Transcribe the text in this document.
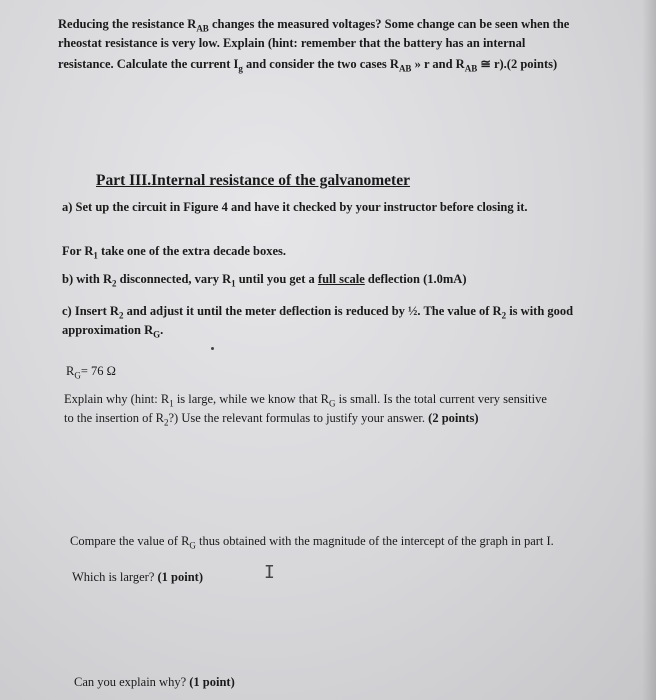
Reducing the resistance $R_{AB}$ changes the measured voltages? Some change can be seen when the
rheostat resistance is very low. Explain (hint: remember that the battery has an internal
resistance. Calculate the current $I_g$ and consider the two cases $R_{AB}$ » r and $R_{AB}$ ≅ r).(2 points)
Part III.Internal resistance of the galvanometer
a) Set up the circuit in Figure 4 and have it checked by your instructor before closing it.
For $R_1$ take one of the extra decade boxes.
b) with $R_2$ disconnected, vary $R_1$ until you get a full scale deflection (1.0mA)
c) Insert $R_2$ and adjust it until the meter deflection is reduced by ½. The value of $R_2$ is with good
approximation $R_G$.
$R_G= 76$ Ω
Explain why (hint: $R_1$ is large, while we know that $R_G$ is small. Is the total current very sensitive
to the insertion of $R_2$?) Use the relevant formulas to justify your answer. (2 points)
Compare the value of $R_G$ thus obtained with the magnitude of the intercept of the graph in part I.
Which is larger? (1 point)	I
Can you explain why? (1 point)
